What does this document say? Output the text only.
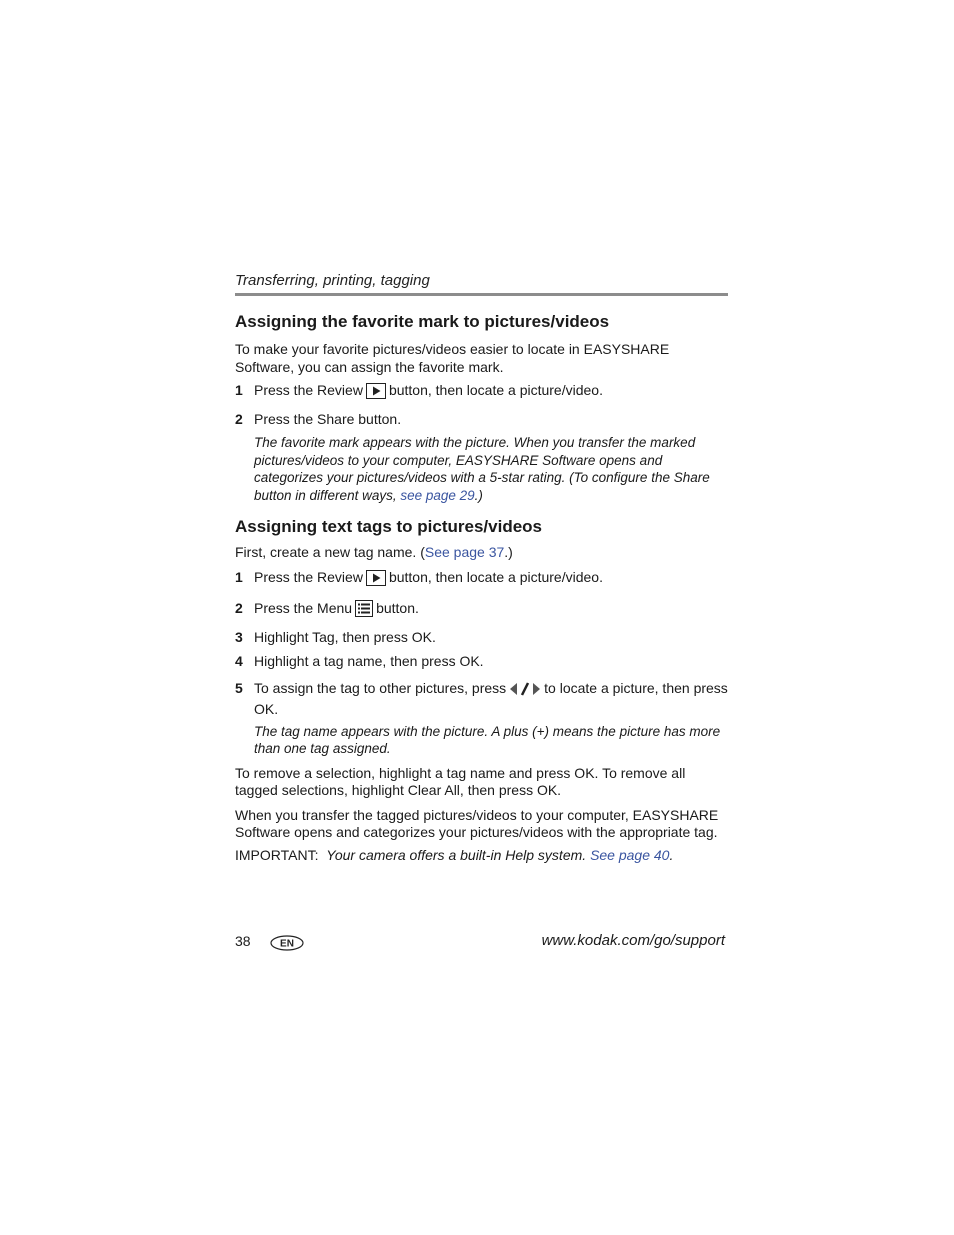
Transferring, printing, tagging
Assigning the favorite mark to pictures/videos

To make your favorite pictures/videos easier to locate in EASYSHARE Software, you can assign the favorite mark.

1 Press the Review button, then locate a picture/video.
2 Press the Share button.

The favorite mark appears with the picture. When you transfer the marked pictures/videos to your computer, EASYSHARE Software opens and categorizes your pictures/videos with a 5-star rating. (To configure the Share button in different ways, see page 29.)

Assigning text tags to pictures/videos

First, create a new tag name. (See page 37.)

1 Press the Review button, then locate a picture/video.
2 Press the Menu button.
3 Highlight Tag, then press OK.
4 Highlight a tag name, then press OK.
5 To assign the tag to other pictures, press	to locate a picture, then press OK.

The tag name appears with the picture. A plus (+) means the picture has more than one tag assigned.

To remove a selection, highlight a tag name and press OK. To remove all tagged selections, highlight Clear All, then press OK.

When you transfer the tagged pictures/videos to your computer, EASYSHARE Software opens and categorizes your pictures/videos with the appropriate tag.

IMPORTANT: Your camera offers a built-in Help system. See page 40.

38	EN	www.kodak.com/go/support
